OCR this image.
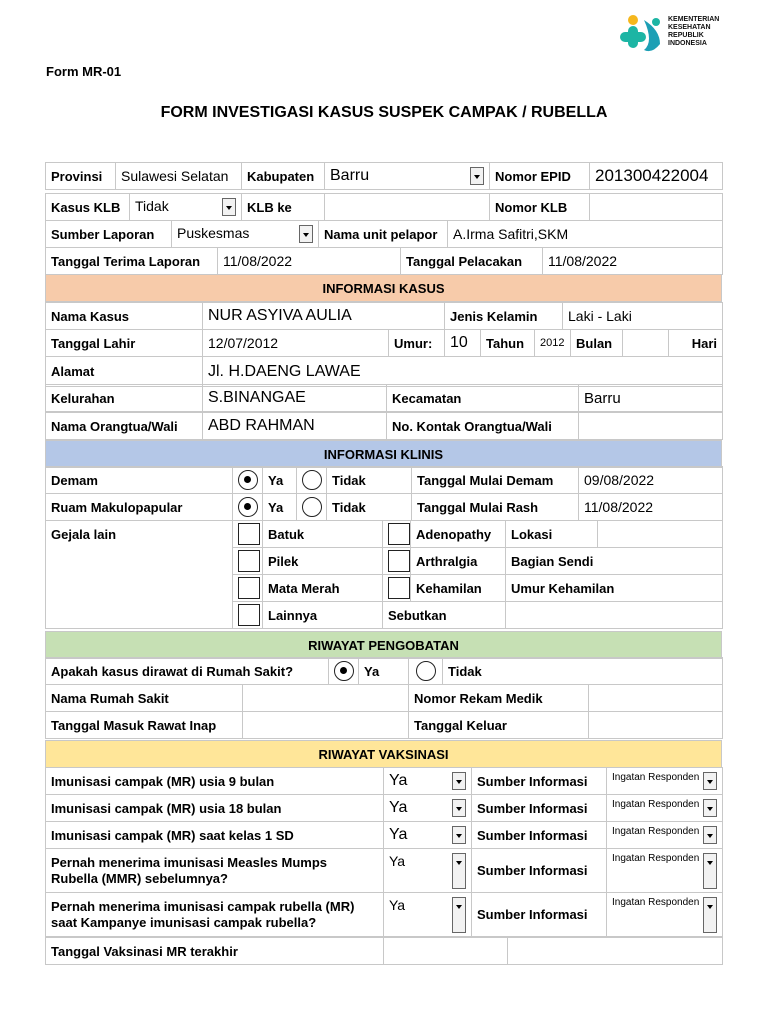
Form MR-01
FORM INVESTIGASI KASUS SUSPEK CAMPAK / RUBELLA
KEMENTERIAN
KESEHATAN
REPUBLIK
INDONESIA
Provinsi	Sulawesi Selatan	Kabupaten	Barru	Nomor EPID	201300422004
Kasus KLB	Tidak	KLB ke		Nomor KLB	
Sumber Laporan	Puskesmas	Nama unit pelapor	A.Irma Safitri,SKM
Tanggal Terima Laporan	11/08/2022	Tanggal Pelacakan	11/08/2022
INFORMASI KASUS
Nama Kasus	NUR ASYIVA AULIA	Jenis Kelamin	Laki - Laki
Tanggal Lahir	12/07/2012	Umur:	10	Tahun	2012	Bulan		Hari
Alamat	Jl. H.DAENG LAWAE
Kelurahan	S.BINANGAE	Kecamatan	Barru
Nama Orangtua/Wali	ABD RAHMAN	No. Kontak Orangtua/Wali	
INFORMASI KLINIS
Demam		Ya		Tidak	Tanggal Mulai Demam	09/08/2022
Ruam Makulopapular		Ya		Tidak	Tanggal Mulai Rash	11/08/2022
Gejala lain		Batuk		Adenopathy	Lokasi	
		Pilek		Arthralgia	Bagian Sendi	
		Mata Merah		Kehamilan	Umur Kehamilan	
		Lainnya	Sebutkan			
RIWAYAT PENGOBATAN
Apakah kasus dirawat di Rumah Sakit?			Ya		Tidak	
Nama Rumah Sakit				Nomor Rekam Medik		
Tanggal Masuk Rawat Inap				Tanggal Keluar		
RIWAYAT VAKSINASI
Imunisasi campak (MR) usia 9 bulan	Ya	Sumber Informasi	Ingatan Responden

Imunisasi campak (MR) usia 18 bulan	Ya	Sumber Informasi	Ingatan Responden

Imunisasi campak (MR) saat kelas 1 SD	Ya	Sumber Informasi	Ingatan Responden

Pernah menerima imunisasi Measles Mumps
Rubella (MMR) sebelumnya?	Ya	Sumber Informasi	Ingatan Responden

Pernah menerima imunisasi campak rubella (MR)
saat Kampanye imunisasi campak rubella?	Ya	Sumber Informasi	Ingatan Responden
Tanggal Vaksinasi MR terakhir		
